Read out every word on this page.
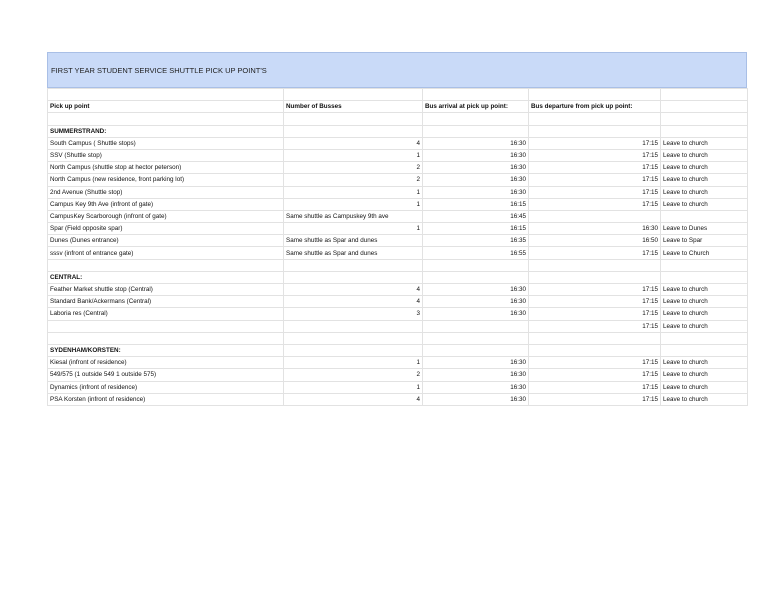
FIRST YEAR STUDENT SERVICE SHUTTLE PICK UP POINT'S

Pick up point	Number of Busses	Bus arrival at pick up point:	Bus departure from pick up point:	

SUMMERSTRAND:				
South Campus ( Shuttle stops)	4	16:30	17:15	Leave to church
SSV (Shuttle stop)	1	16:30	17:15	Leave to church
North Campus (shuttle stop at hector peterson)	2	16:30	17:15	Leave to church
North Campus (new residence, front parking lot)	2	16:30	17:15	Leave to church
2nd Avenue (Shuttle stop)	1	16:30	17:15	Leave to church
Campus Key 9th Ave (infront of gate)	1	16:15	17:15	Leave to church
CampusKey Scarborough (infront of gate)	Same shuttle as Campuskey 9th ave	16:45		
Spar (Field opposite spar)	1	16:15	16:30	Leave to Dunes
Dunes (Dunes entrance)	Same shuttle as Spar and dunes	16:35	16:50	Leave to Spar
sssv (infront of entrance gate)	Same shuttle as Spar and dunes	16:55	17:15	Leave to Church

CENTRAL:				
Feather Market shuttle stop (Central)	4	16:30	17:15	Leave to church
Standard Bank/Ackermans (Central)	4	16:30	17:15	Leave to church
Laboria res (Central)	3	16:30	17:15	Leave to church
			17:15	Leave to church

SYDENHAM/KORSTEN:				
Kiesal (infront of residence)	1	16:30	17:15	Leave to church
549/575 (1 outside 549 1 outside 575)	2	16:30	17:15	Leave to church
Dynamics (infront of residence)	1	16:30	17:15	Leave to church
PSA Korsten (infront of residence)	4	16:30	17:15	Leave to church
